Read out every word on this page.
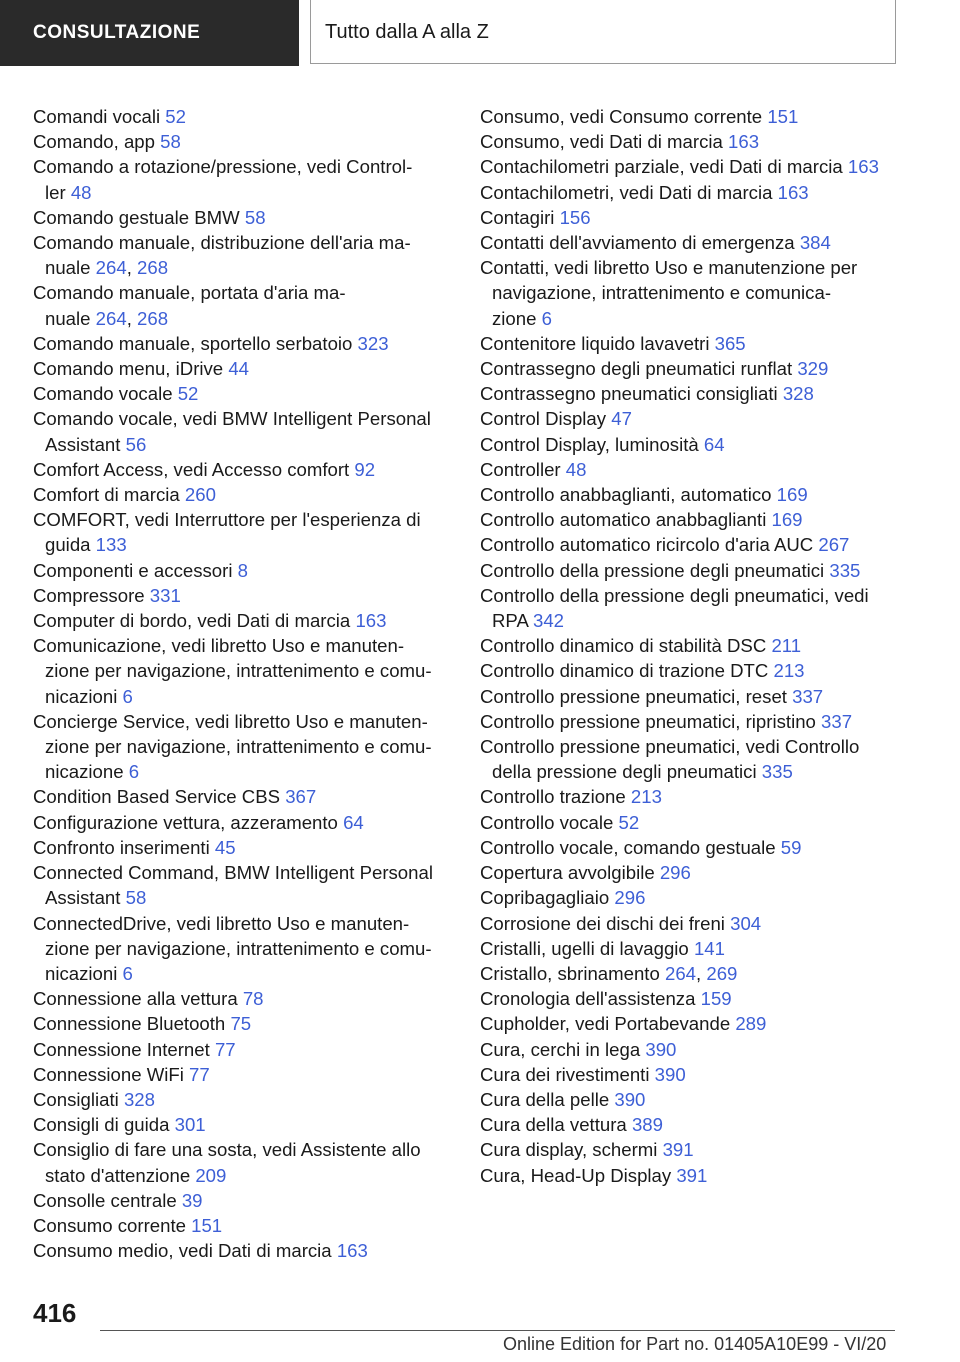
CONSULTAZIONE	Tutto dalla A alla Z
Comandi vocali 52
Comando, app 58
Comando a rotazione/pressione, vedi Control-
ler 48
Comando gestuale BMW 58
Comando manuale, distribuzione dell'aria ma-
nuale 264, 268
Comando manuale, portata d'aria ma-
nuale 264, 268
Comando manuale, sportello serbatoio 323
Comando menu, iDrive 44
Comando vocale 52
Comando vocale, vedi BMW Intelligent Personal
Assistant 56
Comfort Access, vedi Accesso comfort 92
Comfort di marcia 260
COMFORT, vedi Interruttore per l'esperienza di
guida 133
Componenti e accessori 8
Compressore 331
Computer di bordo, vedi Dati di marcia 163
Comunicazione, vedi libretto Uso e manuten-
zione per navigazione, intrattenimento e comu-
nicazioni 6
Concierge Service, vedi libretto Uso e manuten-
zione per navigazione, intrattenimento e comu-
nicazione 6
Condition Based Service CBS 367
Configurazione vettura, azzeramento 64
Confronto inserimenti 45
Connected Command, BMW Intelligent Personal
Assistant 58
ConnectedDrive, vedi libretto Uso e manuten-
zione per navigazione, intrattenimento e comu-
nicazioni 6
Connessione alla vettura 78
Connessione Bluetooth 75
Connessione Internet 77
Connessione WiFi 77
Consigliati 328
Consigli di guida 301
Consiglio di fare una sosta, vedi Assistente allo
stato d'attenzione 209
Consolle centrale 39
Consumo corrente 151
Consumo medio, vedi Dati di marcia 163
Consumo, vedi Consumo corrente 151
Consumo, vedi Dati di marcia 163
Contachilometri parziale, vedi Dati di marcia 163
Contachilometri, vedi Dati di marcia 163
Contagiri 156
Contatti dell'avviamento di emergenza 384
Contatti, vedi libretto Uso e manutenzione per
navigazione, intrattenimento e comunica-
zione 6
Contenitore liquido lavavetri 365
Contrassegno degli pneumatici runflat 329
Contrassegno pneumatici consigliati 328
Control Display 47
Control Display, luminosità 64
Controller 48
Controllo anabbaglianti, automatico 169
Controllo automatico anabbaglianti 169
Controllo automatico ricircolo d'aria AUC 267
Controllo della pressione degli pneumatici 335
Controllo della pressione degli pneumatici, vedi
RPA 342
Controllo dinamico di stabilità DSC 211
Controllo dinamico di trazione DTC 213
Controllo pressione pneumatici, reset 337
Controllo pressione pneumatici, ripristino 337
Controllo pressione pneumatici, vedi Controllo
della pressione degli pneumatici 335
Controllo trazione 213
Controllo vocale 52
Controllo vocale, comando gestuale 59
Copertura avvolgibile 296
Copribagagliaio 296
Corrosione dei dischi dei freni 304
Cristalli, ugelli di lavaggio 141
Cristallo, sbrinamento 264, 269
Cronologia dell'assistenza 159
Cupholder, vedi Portabevande 289
Cura, cerchi in lega 390
Cura dei rivestimenti 390
Cura della pelle 390
Cura della vettura 389
Cura display, schermi 391
Cura, Head-Up Display 391
416
Online Edition for Part no. 01405A10E99 - VI/20
